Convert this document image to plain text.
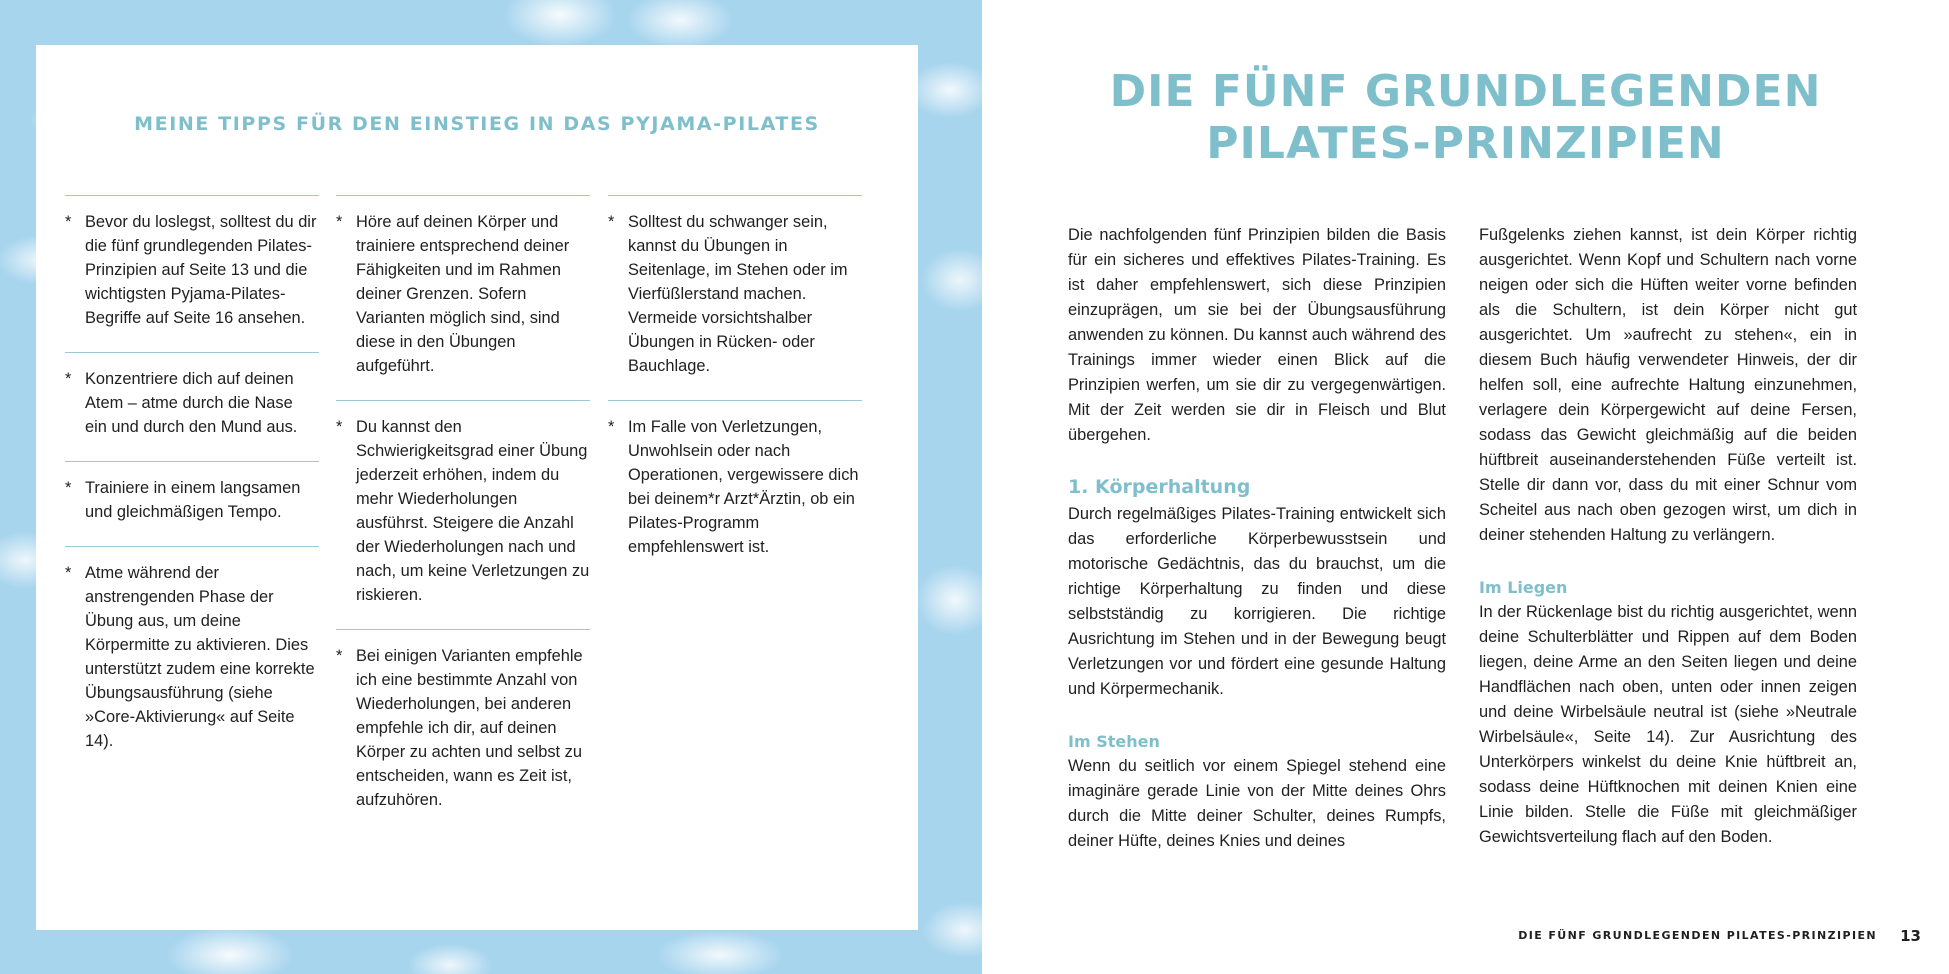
MEINE TIPPS FÜR DEN EINSTIEG IN DAS PYJAMA-PILATES
* Bevor du loslegst, solltest du dir die fünf grundlegenden Pilates-Prinzipien auf Seite 13 und die wichtigsten Pyjama-Pilates-Begriffe auf Seite 16 ansehen.
* Konzentriere dich auf deinen Atem – atme durch die Nase ein und durch den Mund aus.
* Trainiere in einem langsamen und gleichmäßigen Tempo.
* Atme während der anstrengenden Phase der Übung aus, um deine Körpermitte zu aktivieren. Dies unterstützt zudem eine korrekte Übungsausführung (siehe »Core-Aktivierung« auf Seite 14).
* Höre auf deinen Körper und trainiere entsprechend deiner Fähigkeiten und im Rahmen deiner Grenzen. Sofern Varianten möglich sind, sind diese in den Übungen aufgeführt.
* Du kannst den Schwierigkeitsgrad einer Übung jederzeit erhöhen, indem du mehr Wiederholungen ausführst. Steigere die Anzahl der Wiederholungen nach und nach, um keine Verletzungen zu riskieren.
* Bei einigen Varianten empfehle ich eine bestimmte Anzahl von Wiederholungen, bei anderen empfehle ich dir, auf deinen Körper zu achten und selbst zu entscheiden, wann es Zeit ist, aufzuhören.
* Solltest du schwanger sein, kannst du Übungen in Seitenlage, im Stehen oder im Vierfüßlerstand machen. Vermeide vorsichtshalber Übungen in Rücken- oder Bauchlage.
* Im Falle von Verletzungen, Unwohlsein oder nach Operationen, vergewissere dich bei deinem*r Arzt*Ärztin, ob ein Pilates-Programm empfehlenswert ist.
DIE FÜNF GRUNDLEGENDEN
PILATES-PRINZIPIEN

Die nachfolgenden fünf Prinzipien bilden die Basis für ein sicheres und effektives Pilates-Training. Es ist daher empfehlenswert, sich diese Prinzipien einzuprägen, um sie bei der Übungsausführung anwenden zu können. Du kannst auch während des Trainings immer wieder einen Blick auf die Prinzipien werfen, um sie dir zu vergegenwärtigen. Mit der Zeit werden sie dir in Fleisch und Blut übergehen.

1. Körperhaltung

Durch regelmäßiges Pilates-Training entwickelt sich das erforderliche Körperbewusstsein und motorische Gedächtnis, das du brauchst, um die richtige Körperhaltung zu finden und diese selbstständig zu korrigieren. Die richtige Ausrichtung im Stehen und in der Bewegung beugt Verletzungen vor und fördert eine gesunde Haltung und Körpermechanik.

Im Stehen

Wenn du seitlich vor einem Spiegel stehend eine imaginäre gerade Linie von der Mitte deines Ohrs durch die Mitte deiner Schulter, deines Rumpfs, deiner Hüfte, deines Knies und deines

Fußgelenks ziehen kannst, ist dein Körper richtig ausgerichtet. Wenn Kopf und Schultern nach vorne neigen oder sich die Hüften weiter vorne befinden als die Schultern, ist dein Körper nicht gut ausgerichtet. Um »aufrecht zu stehen«, ein in diesem Buch häufig verwendeter Hinweis, der dir helfen soll, eine aufrechte Haltung einzunehmen, verlagere dein Körpergewicht auf deine Fersen, sodass das Gewicht gleichmäßig auf die beiden hüftbreit auseinanderstehenden Füße verteilt ist. Stelle dir dann vor, dass du mit einer Schnur vom Scheitel aus nach oben gezogen wirst, um dich in deiner stehenden Haltung zu verlängern.

Im Liegen

In der Rückenlage bist du richtig ausgerichtet, wenn deine Schulterblätter und Rippen auf dem Boden liegen, deine Arme an den Seiten liegen und deine Handflächen nach oben, unten oder innen zeigen und deine Wirbelsäule neutral ist (siehe »Neutrale Wirbelsäule«, Seite 14). Zur Ausrichtung des Unterkörpers winkelst du deine Knie hüftbreit an, sodass deine Hüftknochen mit deinen Knien eine Linie bilden. Stelle die Füße mit gleichmäßiger Gewichtsverteilung flach auf den Boden.

DIE FÜNF GRUNDLEGENDEN PILATES-PRINZIPIEN 13
